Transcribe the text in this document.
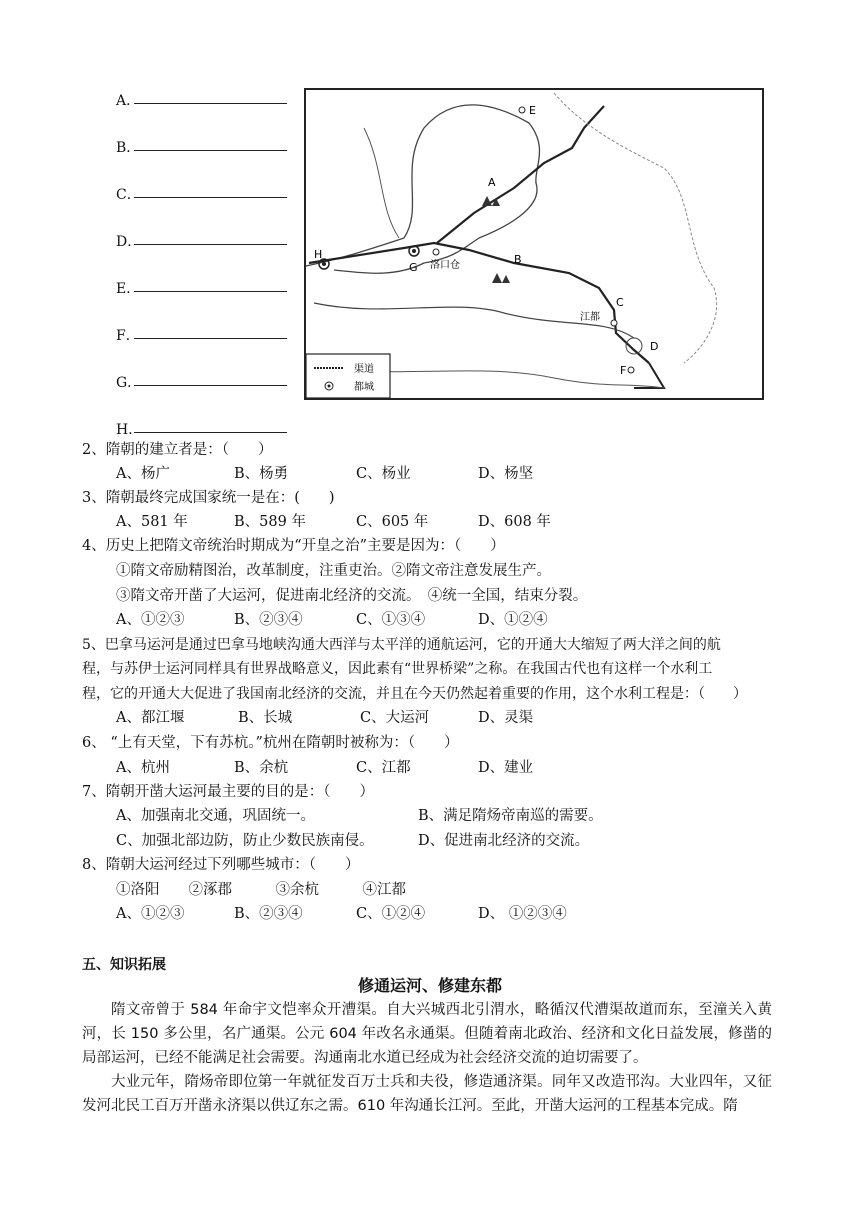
A．
B．
C．
D．
E．
F．
G．
H．
E
A
H
G 洛口仓	B
C
江都
D
F
渠道
都城
2、隋朝的建立者是：（　　）
A、杨广	B、杨勇	C、杨业	D、杨坚
3、隋朝最终完成国家统一是在：(　　)
A、581 年	B、589 年	C、605 年	D、608 年
4、历史上把隋文帝统治时期成为“开皇之治”主要是因为：（　　）
①隋文帝励精图治，改革制度，注重吏治。②隋文帝注意发展生产。
③隋文帝开凿了大运河，促进南北经济的交流。　④统一全国，结束分裂。
A、①②③	B、②③④	C、①③④	D、①②④
5、巴拿马运河是通过巴拿马地峡沟通大西洋与太平洋的通航运河，它的开通大大缩短了两大洋之间的航
程，与苏伊士运河同样具有世界战略意义，因此素有“世界桥梁”之称。在我国古代也有这样一个水利工
程，它的开通大大促进了我国南北经济的交流，并且在今天仍然起着重要的作用，这个水利工程是：（　　）
A、都江堰	B、长城	C、大运河	D、灵渠
6、 “上有天堂，下有苏杭。”杭州在隋朝时被称为：（　　）
A、杭州	B、余杭	C、江都	D、建业
7、隋朝开凿大运河最主要的目的是：（　　）
A、加强南北交通，巩固统一。	B、满足隋炀帝南巡的需要。
C、加强北部边防，防止少数民族南侵。	D、促进南北经济的交流。
8、隋朝大运河经过下列哪些城市：（　　）
①洛阳　　②涿郡　　　③余杭　　　④江都
A、①②③	B、②③④	C、①②④	D、 ①②③④
五、知识拓展
修通运河、修建东都
隋文帝曾于 584 年命宇文恺率众开漕渠。自大兴城西北引渭水，略循汉代漕渠故道而东，至潼关入黄河，长 150 多公里，名广通渠。公元 604 年改名永通渠。但随着南北政治、经济和文化日益发展，修凿的局部运河，已经不能满足社会需要。沟通南北水道已经成为社会经济交流的迫切需要了。
大业元年，隋炀帝即位第一年就征发百万士兵和夫役，修造通济渠。同年又改造邗沟。大业四年，又征发河北民工百万开凿永济渠以供辽东之需。610 年沟通长江河。至此，开凿大运河的工程基本完成。隋
